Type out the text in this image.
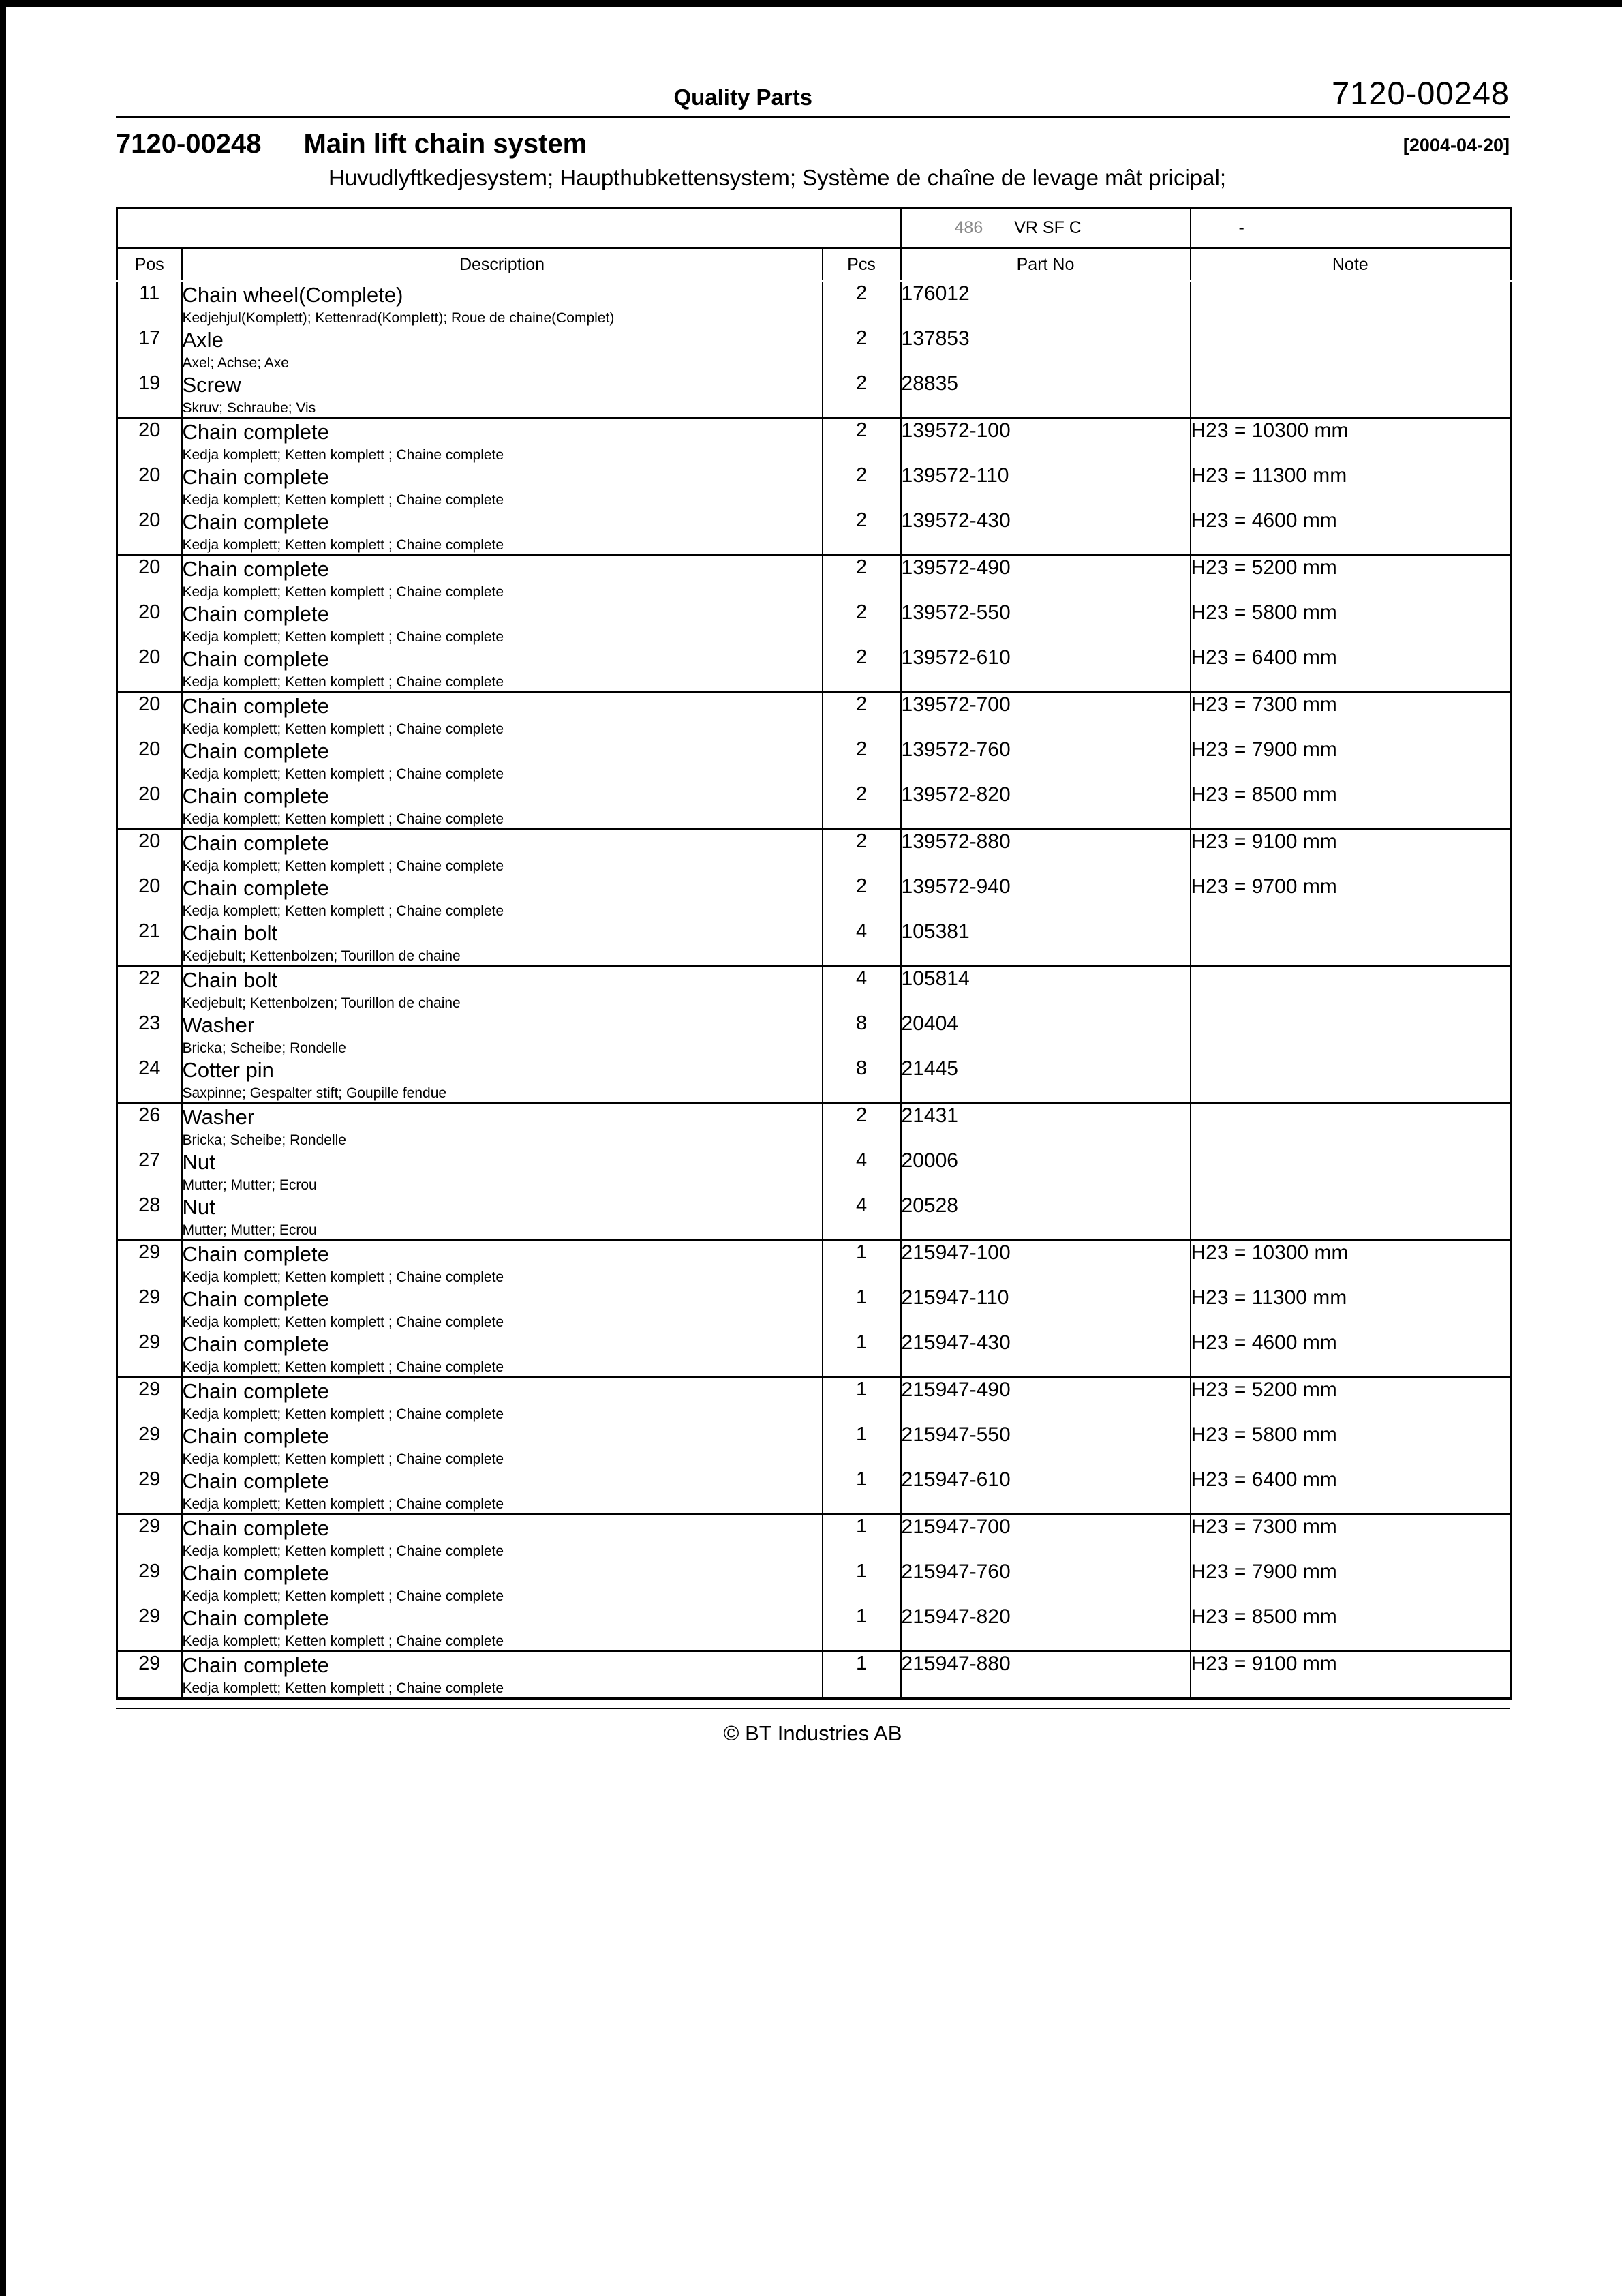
Quality Parts	7120-00248
7120-00248 Main lift chain system	[2004-04-20]
Huvudlyftkedjesystem; Haupthubkettensystem; Système de chaîne de levage mât pricipal;
			486 VR SF C	-
Pos	Description	Pcs	Part No	Note
11	Chain wheel(Complete)
Kedjehjul(Komplett); Kettenrad(Komplett); Roue de chaine(Complet)	2	176012	
17	Axle
Axel; Achse; Axe	2	137853	
19	Screw
Skruv; Schraube; Vis	2	28835	
20	Chain complete
Kedja komplett; Ketten komplett ; Chaine complete	2	139572-100	H23 = 10300 mm
20	Chain complete
Kedja komplett; Ketten komplett ; Chaine complete	2	139572-110	H23 = 11300 mm
20	Chain complete
Kedja komplett; Ketten komplett ; Chaine complete	2	139572-430	H23 = 4600 mm
20	Chain complete
Kedja komplett; Ketten komplett ; Chaine complete	2	139572-490	H23 = 5200 mm
20	Chain complete
Kedja komplett; Ketten komplett ; Chaine complete	2	139572-550	H23 = 5800 mm
20	Chain complete
Kedja komplett; Ketten komplett ; Chaine complete	2	139572-610	H23 = 6400 mm
20	Chain complete
Kedja komplett; Ketten komplett ; Chaine complete	2	139572-700	H23 = 7300 mm
20	Chain complete
Kedja komplett; Ketten komplett ; Chaine complete	2	139572-760	H23 = 7900 mm
20	Chain complete
Kedja komplett; Ketten komplett ; Chaine complete	2	139572-820	H23 = 8500 mm
20	Chain complete
Kedja komplett; Ketten komplett ; Chaine complete	2	139572-880	H23 = 9100 mm
20	Chain complete
Kedja komplett; Ketten komplett ; Chaine complete	2	139572-940	H23 = 9700 mm
21	Chain bolt
Kedjebult; Kettenbolzen; Tourillon de chaine	4	105381	
22	Chain bolt
Kedjebult; Kettenbolzen; Tourillon de chaine	4	105814	
23	Washer
Bricka; Scheibe; Rondelle	8	20404	
24	Cotter pin
Saxpinne; Gespalter stift; Goupille fendue	8	21445	
26	Washer
Bricka; Scheibe; Rondelle	2	21431	
27	Nut
Mutter; Mutter; Ecrou	4	20006	
28	Nut
Mutter; Mutter; Ecrou	4	20528	
29	Chain complete
Kedja komplett; Ketten komplett ; Chaine complete	1	215947-100	H23 = 10300 mm
29	Chain complete
Kedja komplett; Ketten komplett ; Chaine complete	1	215947-110	H23 = 11300 mm
29	Chain complete
Kedja komplett; Ketten komplett ; Chaine complete	1	215947-430	H23 = 4600 mm
29	Chain complete
Kedja komplett; Ketten komplett ; Chaine complete	1	215947-490	H23 = 5200 mm
29	Chain complete
Kedja komplett; Ketten komplett ; Chaine complete	1	215947-550	H23 = 5800 mm
29	Chain complete
Kedja komplett; Ketten komplett ; Chaine complete	1	215947-610	H23 = 6400 mm
29	Chain complete
Kedja komplett; Ketten komplett ; Chaine complete	1	215947-700	H23 = 7300 mm
29	Chain complete
Kedja komplett; Ketten komplett ; Chaine complete	1	215947-760	H23 = 7900 mm
29	Chain complete
Kedja komplett; Ketten komplett ; Chaine complete	1	215947-820	H23 = 8500 mm
29	Chain complete
Kedja komplett; Ketten komplett ; Chaine complete	1	215947-880	H23 = 9100 mm
© BT Industries AB
